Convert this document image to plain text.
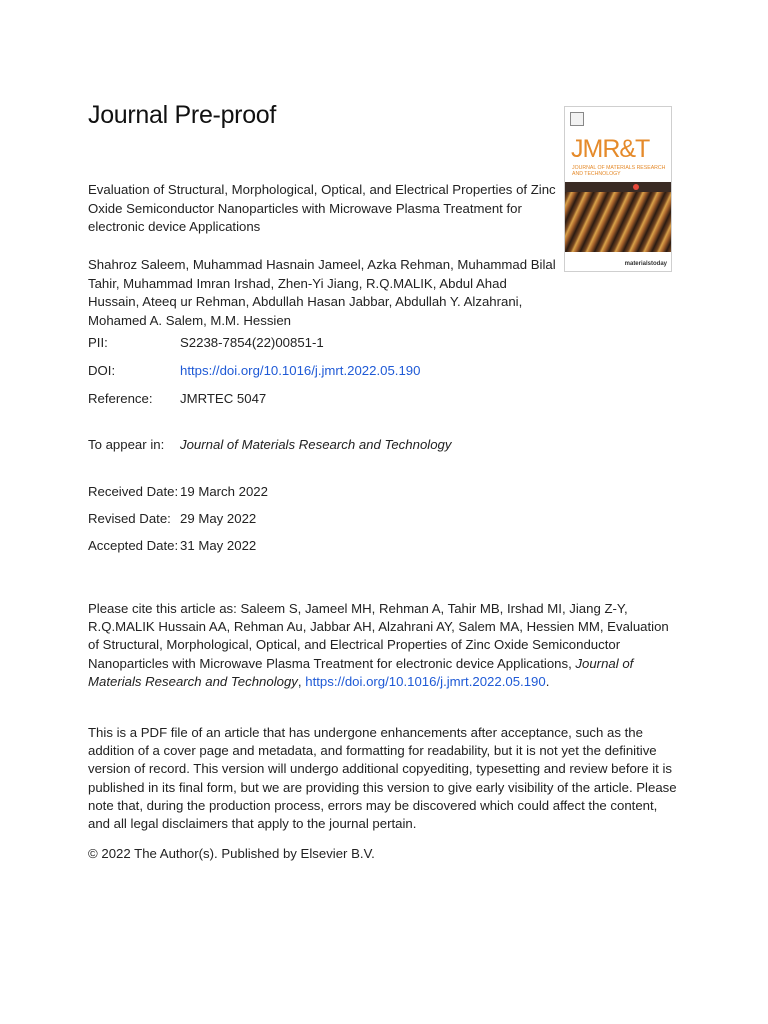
Journal Pre-proof
JMR&T
JOURNAL OF MATERIALS RESEARCH AND TECHNOLOGY
materialstoday
Evaluation of Structural, Morphological, Optical, and Electrical Properties of Zinc Oxide Semiconductor Nanoparticles with Microwave Plasma Treatment for electronic device Applications
Shahroz Saleem, Muhammad Hasnain Jameel, Azka Rehman, Muhammad Bilal Tahir, Muhammad Imran Irshad, Zhen-Yi Jiang, R.Q.MALIK, Abdul Ahad Hussain, Ateeq ur Rehman, Abdullah Hasan Jabbar, Abdullah Y. Alzahrani, Mohamed A. Salem, M.M. Hessien
PII:	S2238-7854(22)00851-1
DOI:	https://doi.org/10.1016/j.jmrt.2022.05.190
Reference: JMRTEC 5047
To appear in: Journal of Materials Research and Technology
Received Date: 19 March 2022
Revised Date: 29 May 2022
Accepted Date: 31 May 2022
Please cite this article as: Saleem S, Jameel MH, Rehman A, Tahir MB, Irshad MI, Jiang Z-Y, R.Q.MALIK Hussain AA, Rehman Au, Jabbar AH, Alzahrani AY, Salem MA, Hessien MM, Evaluation of Structural, Morphological, Optical, and Electrical Properties of Zinc Oxide Semiconductor Nanoparticles with Microwave Plasma Treatment for electronic device Applications, Journal of Materials Research and Technology, https://doi.org/10.1016/j.jmrt.2022.05.190.
This is a PDF file of an article that has undergone enhancements after acceptance, such as the addition of a cover page and metadata, and formatting for readability, but it is not yet the definitive version of record. This version will undergo additional copyediting, typesetting and review before it is published in its final form, but we are providing this version to give early visibility of the article. Please note that, during the production process, errors may be discovered which could affect the content, and all legal disclaimers that apply to the journal pertain.
© 2022 The Author(s). Published by Elsevier B.V.
